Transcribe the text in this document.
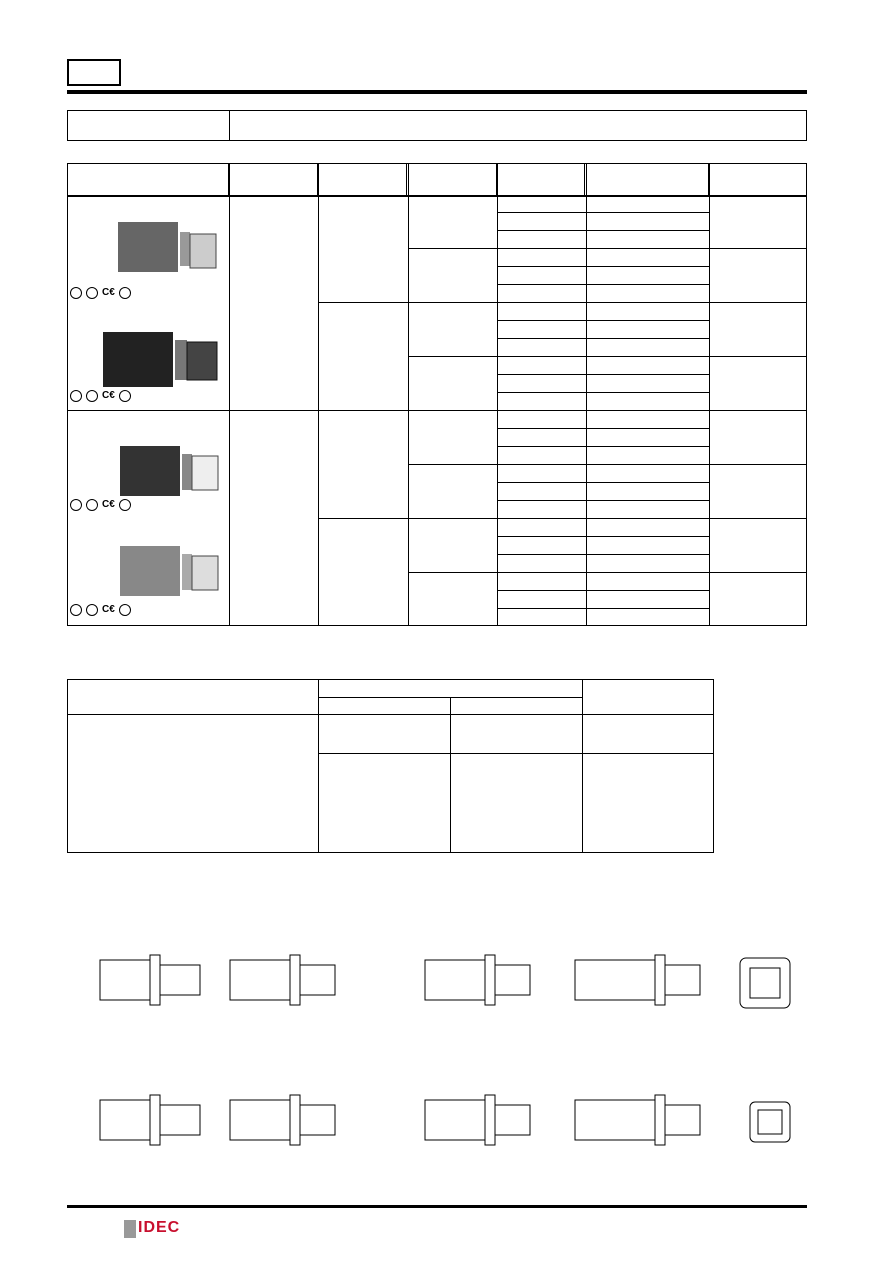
C€
C€
C€
C€
IDEC
